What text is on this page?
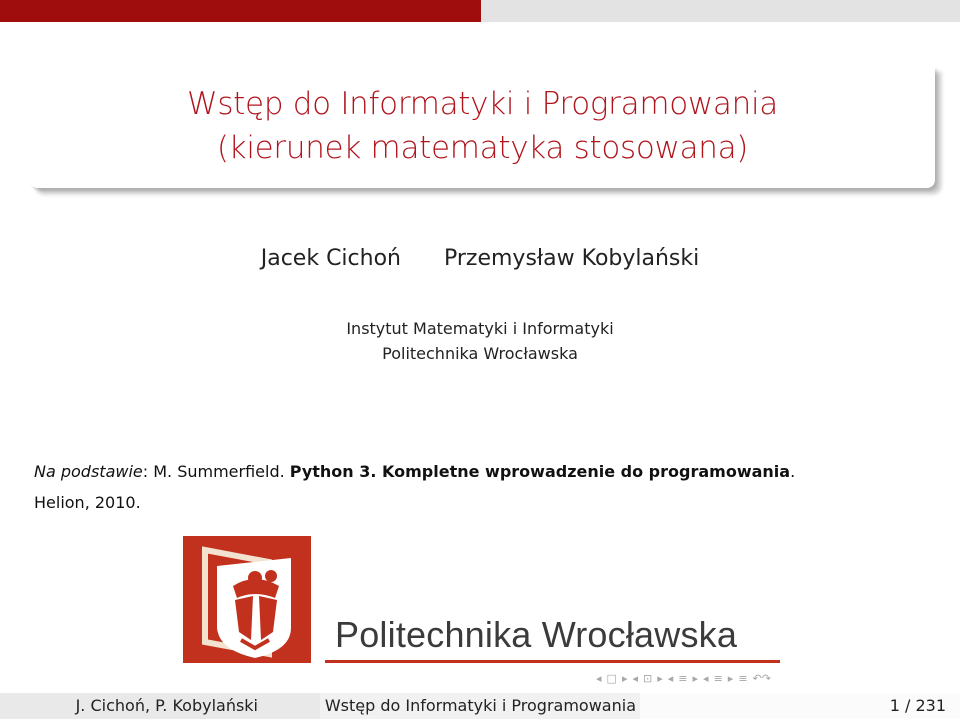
Wstęp do Informatyki i Programowania
(kierunek matematyka stosowana)
Jacek Cichoń Przemysław Kobylański
Instytut Matematyki i Informatyki
Politechnika Wrocławska
Na podstawie: M. Summerfield. Python 3. Kompletne wprowadzenie do programowania.
Helion, 2010.
Politechnika Wrocławska
◂ □ ▸ ◂ ⊡ ▸ ◂ ≡ ▸ ◂ ≡ ▸ ≡ ↶↷
J. Cichoń, P. Kobylański	Wstęp do Informatyki i Programowania	1 / 231
